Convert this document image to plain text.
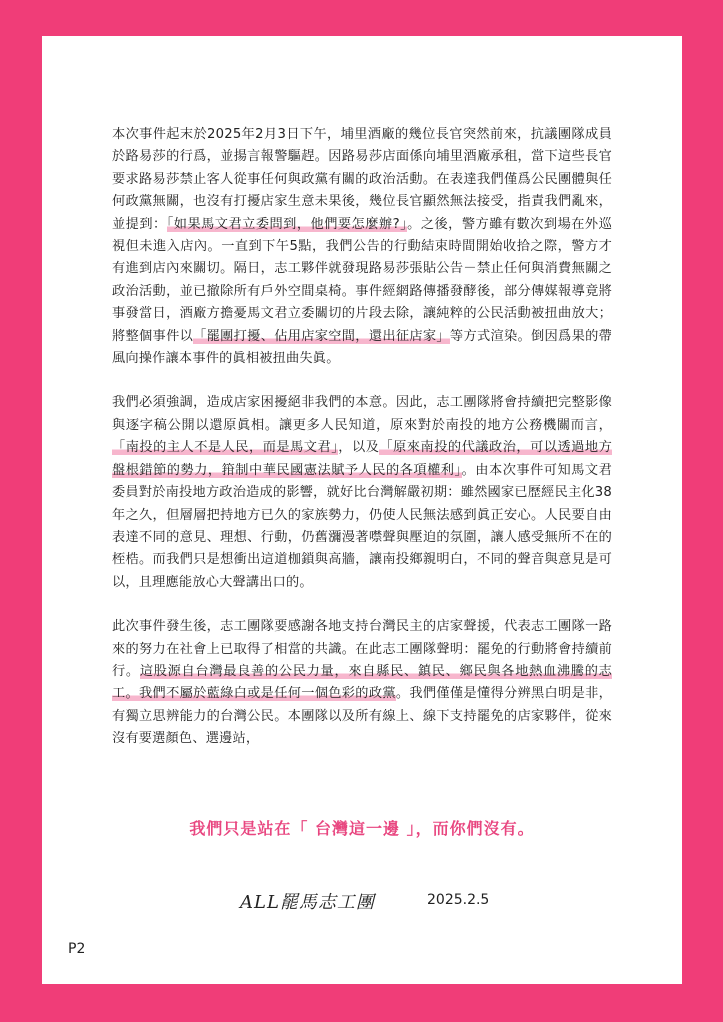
本次事件起末於2025年2月3日下午，埔里酒廠的幾位長官突然前來，抗議團隊成員於路易莎的行爲，並揚言報警驅趕。因路易莎店面係向埔里酒廠承租，當下這些長官要求路易莎禁止客人從事任何與政黨有關的政治活動。在表達我們僅爲公民團體與任何政黨無關，也沒有打擾店家生意未果後，幾位長官顯然無法接受，指責我們亂來，並提到：「如果馬文君立委問到，他們要怎麼辦?」。之後，警方雖有數次到場在外巡視但未進入店內。一直到下午5點，我們公告的行動結束時間開始收拾之際，警方才有進到店內來關切。隔日，志工夥伴就發現路易莎張貼公告－禁止任何與消費無關之政治活動，並已撤除所有戶外空間桌椅。事件經網路傳播發酵後，部分傳媒報導竟將事發當日，酒廠方擔憂馬文君立委關切的片段去除，讓純粹的公民活動被扭曲放大；將整個事件以「罷團打擾、佔用店家空間，還出征店家」等方式渲染。倒因爲果的帶風向操作讓本事件的眞相被扭曲失眞。

我們必須強調，造成店家困擾絕非我們的本意。因此，志工團隊將會持續把完整影像與逐字稿公開以還原眞相。讓更多人民知道，原來對於南投的地方公務機關而言，「南投的主人不是人民，而是馬文君」，以及「原來南投的代議政治，可以透過地方盤根錯節的勢力，箝制中華民國憲法賦予人民的各項權利」。由本次事件可知馬文君委員對於南投地方政治造成的影響，就好比台灣解嚴初期：雖然國家已歷經民主化38年之久，但層層把持地方已久的家族勢力，仍使人民無法感到眞正安心。人民要自由表達不同的意見、理想、行動，仍舊瀰漫著噤聲與壓迫的氛圍，讓人感受無所不在的桎梏。而我們只是想衝出這道枷鎖與高牆，讓南投鄉親明白，不同的聲音與意見是可以，且理應能放心大聲講出口的。

此次事件發生後，志工團隊要感謝各地支持台灣民主的店家聲援，代表志工團隊一路來的努力在社會上已取得了相當的共識。在此志工團隊聲明：罷免的行動將會持續前行。這股源自台灣最良善的公民力量，來自縣民、鎮民、鄉民與各地熱血沸騰的志工。我們不屬於藍綠白或是任何一個色彩的政黨。我們僅僅是懂得分辨黑白明是非，有獨立思辨能力的台灣公民。本團隊以及所有線上、線下支持罷免的店家夥伴，從來沒有要選顏色、選邊站，

我們只是站在「 台灣這一邊 」，而你們沒有。
ALL罷馬志工團	2025.2.5
P2
